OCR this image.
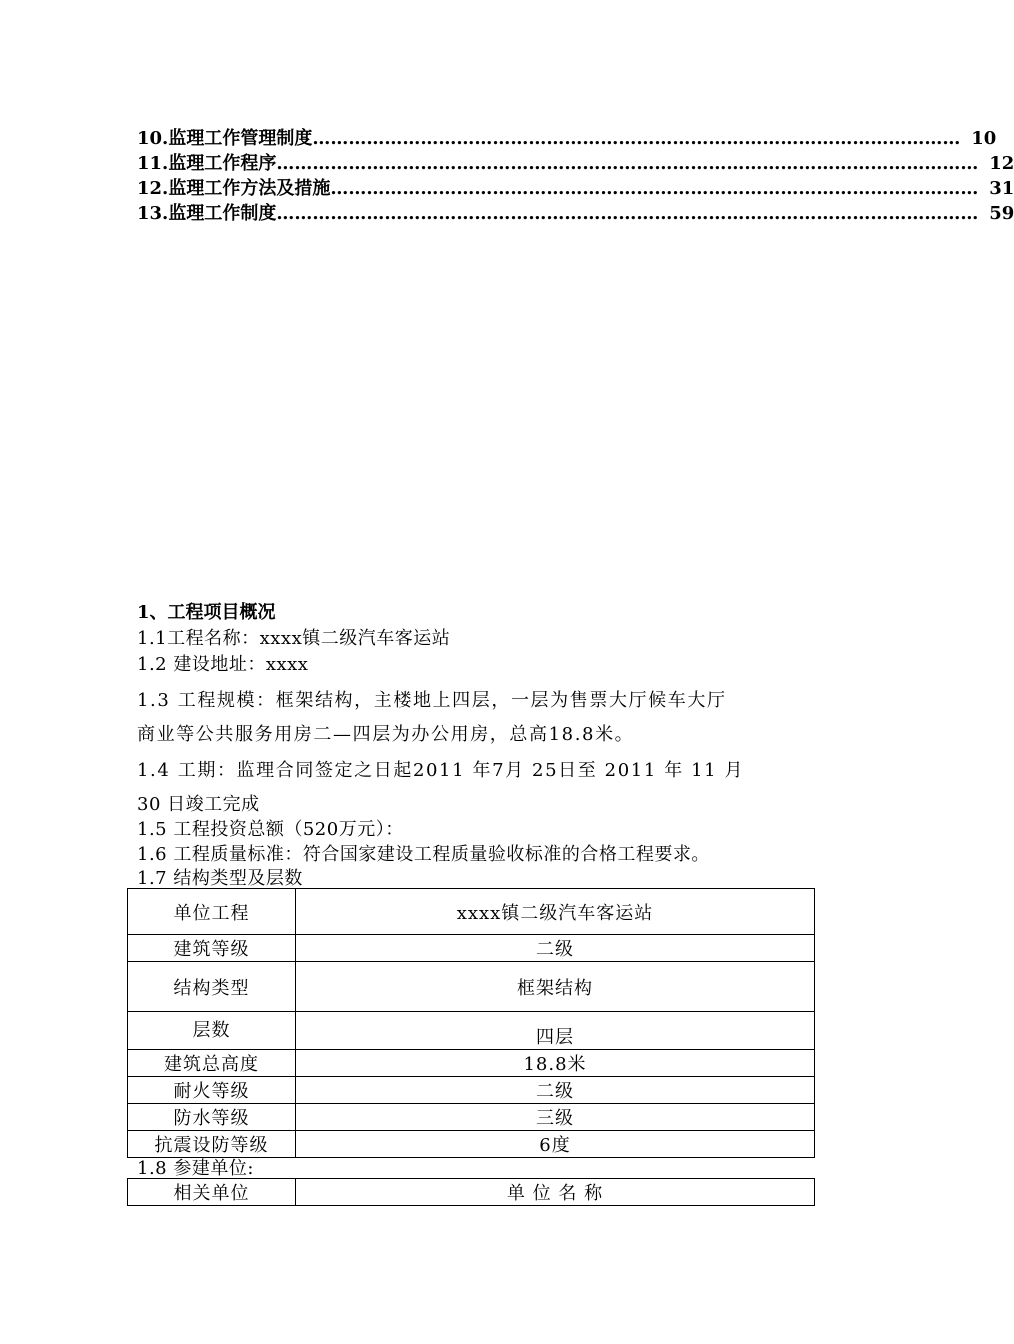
10.监理工作管理制度 ……………………………………………………………………………………………… 10
11.监理工作程序 ……………………………………………………………………………………………………… 12
12.监理工作方法及措施 ……………………………………………………………………………………………… 31
13.监理工作制度 ……………………………………………………………………………………………………… 59
1、工程项目概况
1.1工程名称：xxxx镇二级汽车客运站
1.2 建设地址：xxxx
1.3 工程规模：框架结构，主楼地上四层，一层为售票大厅候车大厅
商业等公共服务用房二—四层为办公用房，总高18.8米。
1.4 工期：监理合同签定之日起2011 年7月 25日至 2011 年 11 月
30 日竣工完成
1.5 工程投资总额（520万元）：
1.6 工程质量标准：符合国家建设工程质量验收标准的合格工程要求。
1.7 结构类型及层数
单位工程	xxxx镇二级汽车客运站
建筑等级	二级
结构类型	框架结构
层数	四层
建筑总高度	18.8米
耐火等级	二级
防水等级	三级
抗震设防等级	6度
1.8 参建单位:
相关单位	单 位 名 称
